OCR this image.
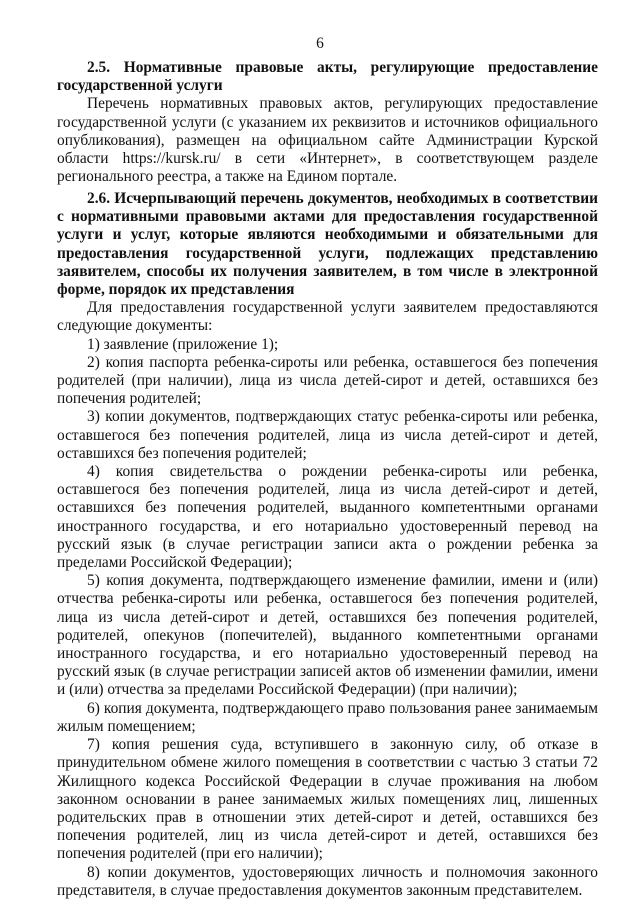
6

2.5. Нормативные правовые акты, регулирующие предоставление государственной услуги

Перечень нормативных правовых актов, регулирующих предоставление государственной услуги (с указанием их реквизитов и источников официального опубликования), размещен на официальном сайте Администрации Курской области https://kursk.ru/ в сети «Интернет», в соответствующем разделе регионального реестра, а также на Едином портале.

2.6. Исчерпывающий перечень документов, необходимых в соответствии с нормативными правовыми актами для предоставления государственной услуги и услуг, которые являются необходимыми и обязательными для предоставления государственной услуги, подлежащих представлению заявителем, способы их получения заявителем, в том числе в электронной форме, порядок их представления

Для предоставления государственной услуги заявителем предоставляются следующие документы:

1) заявление (приложение 1);

2) копия паспорта ребенка-сироты или ребенка, оставшегося без попечения родителей (при наличии), лица из числа детей-сирот и детей, оставшихся без попечения родителей;

3) копии документов, подтверждающих статус ребенка-сироты или ребенка, оставшегося без попечения родителей, лица из числа детей-сирот и детей, оставшихся без попечения родителей;

4) копия свидетельства о рождении ребенка-сироты или ребенка, оставшегося без попечения родителей, лица из числа детей-сирот и детей, оставшихся без попечения родителей, выданного компетентными органами иностранного государства, и его нотариально удостоверенный перевод на русский язык (в случае регистрации записи акта о рождении ребенка за пределами Российской Федерации);

5) копия документа, подтверждающего изменение фамилии, имени и (или) отчества ребенка-сироты или ребенка, оставшегося без попечения родителей, лица из числа детей-сирот и детей, оставшихся без попечения родителей, родителей, опекунов (попечителей), выданного компетентными органами иностранного государства, и его нотариально удостоверенный перевод на русский язык (в случае регистрации записей актов об изменении фамилии, имени и (или) отчества за пределами Российской Федерации) (при наличии);

6) копия документа, подтверждающего право пользования ранее занимаемым жилым помещением;

7) копия решения суда, вступившего в законную силу, об отказе в принудительном обмене жилого помещения в соответствии с частью 3 статьи 72 Жилищного кодекса Российской Федерации в случае проживания на любом законном основании в ранее занимаемых жилых помещениях лиц, лишенных родительских прав в отношении этих детей-сирот и детей, оставшихся без попечения родителей, лиц из числа детей-сирот и детей, оставшихся без попечения родителей (при его наличии);

8) копии документов, удостоверяющих личность и полномочия законного представителя, в случае предоставления документов законным представителем.
